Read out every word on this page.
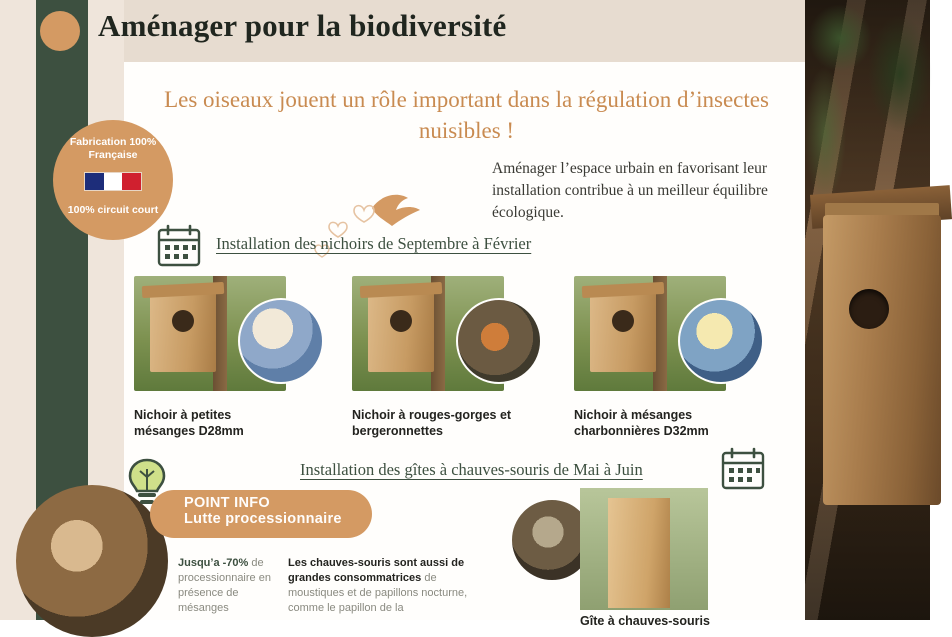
Aménager pour la biodiversité
Les oiseaux jouent un rôle important dans la régulation d’insectes nuisibles !
Aménager l’espace urbain en favorisant leur installation contribue à un meilleur équilibre écologique.
Installation des nichoirs de Septembre à Février
Nichoir à petites mésanges D28mm
Nichoir à rouges-gorges et bergeronnettes
Nichoir à mésanges charbonnières D32mm
Installation des gîtes à chauves-souris de Mai à Juin
Fabrication 100%
Française
100% circuit court
POINT INFO
Lutte processionnaire
Jusqu’a -70% de processionnaire en présence de mésanges
Les chauves-souris sont aussi de grandes consommatrices de moustiques et de papillons nocturne, comme le papillon de la
Gîte à chauves-souris
